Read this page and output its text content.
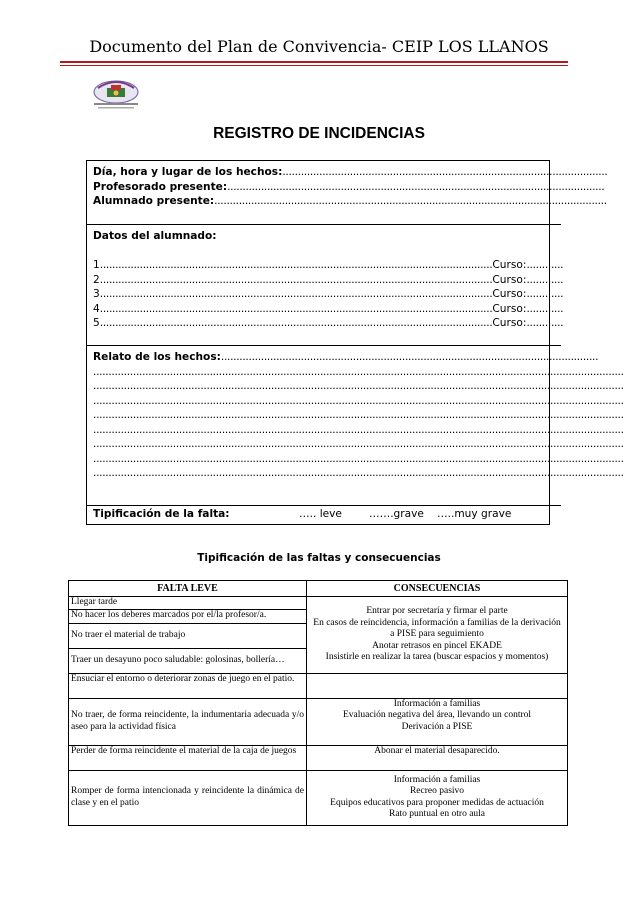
Documento del Plan de Convivencia- CEIP LOS LLANOS
REGISTRO DE INCIDENCIAS
Día, hora y lugar de los hechos:..........................................................................................................
Profesorado presente:...........................................................................................................................
Alumnado presente:................................................................................................................................
Datos del alumnado:
1 ................................................................................................................................ Curso: ............
2 ................................................................................................................................ Curso: ............
3 ................................................................................................................................ Curso: ............
4 ................................................................................................................................ Curso: ............
5 ................................................................................................................................ Curso: ............
Relato de los hechos:...........................................................................................................................
.............................................................................................................................................................................
.............................................................................................................................................................................
.............................................................................................................................................................................
.............................................................................................................................................................................
.............................................................................................................................................................................
.............................................................................................................................................................................
.............................................................................................................................................................................
.............................................................................................................................................................................
Tipificación de la falta:	….. leve	…….grave	…..muy grave
Tipificación de las faltas y consecuencias
FALTA LEVE	CONSECUENCIAS
Llegar tarde	Entrar por secretaría y firmar el parte
En casos de reincidencia, información a familias de la derivación
a PISE para seguimiento
Anotar retrasos en pincel EKADE
Insistirle en realizar la tarea (buscar espacios y momentos)

No hacer los deberes marcados por el/la profesor/a.	
No traer el material de trabajo	
Traer un desayuno poco saludable: golosinas, bollería…	
Ensuciar el entorno o deteriorar zonas de juego en el patio.	
No traer, de forma reincidente, la indumentaria adecuada y/o aseo para la actividad física	Información a familias
Evaluación negativa del área, llevando un control
Derivación a PISE

Perder de forma reincidente el material de la caja de juegos	Abonar el material desaparecido.
Romper de forma intencionada y reincidente la dinámica de clase y en el patio	Información a familias
Recreo pasivo
Equipos educativos para proponer medidas de actuación
Rato puntual en otro aula
